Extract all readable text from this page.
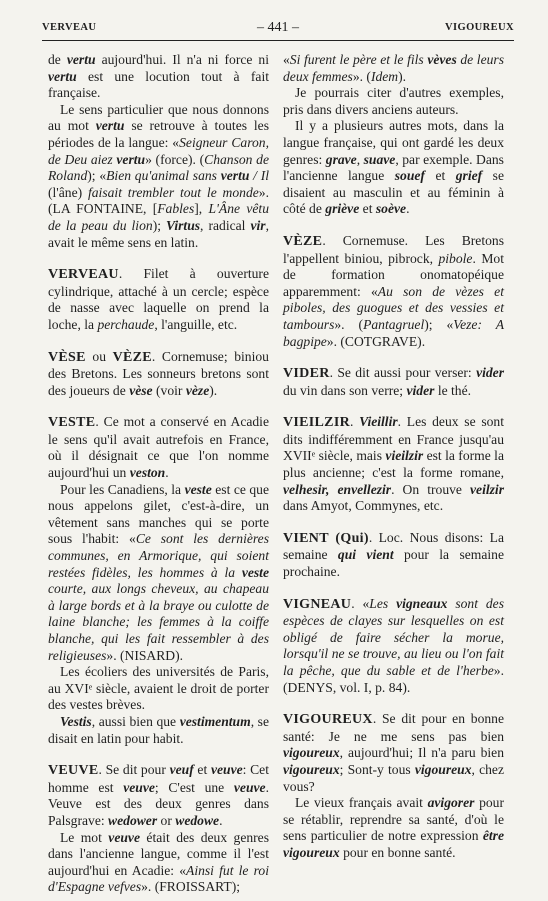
VERVEAU	– 441 –	VIGOUREUX

de vertu aujourd'hui. Il n'a ni force ni vertu est une locution tout à fait française.

Le sens particulier que nous donnons au mot vertu se retrouve à toutes les périodes de la langue: «Seigneur Caron, de Deu aiez vertu» (force). (Chanson de Roland); «Bien qu'animal sans vertu / Il (l'âne) faisait trembler tout le monde». (LA FONTAINE, [Fables], L'Âne vêtu de la peau du lion); Virtus, radical vir, avait le même sens en latin.

VERVEAU. Filet à ouverture cylindrique, attaché à un cercle; espèce de nasse avec laquelle on prend la loche, la perchaude, l'anguille, etc.

VÈSE ou VÈZE. Cornemuse; biniou des Bretons. Les sonneurs bretons sont des joueurs de vèse (voir vèze).

VESTE. Ce mot a conservé en Acadie le sens qu'il avait autrefois en France, où il désignait ce que l'on nomme aujourd'hui un veston.

Pour les Canadiens, la veste est ce que nous appelons gilet, c'est-à-dire, un vêtement sans manches qui se porte sous l'habit: «Ce sont les dernières communes, en Armorique, qui soient restées fidèles, les hommes à la veste courte, aux longs cheveux, au chapeau à large bords et à la braye ou culotte de laine blanche; les femmes à la coiffe blanche, qui les fait ressembler à des religieuses». (NISARD).

Les écoliers des universités de Paris, au XVIᵉ siècle, avaient le droit de porter des vestes brèves.

Vestis, aussi bien que vestimentum, se disait en latin pour habit.

VEUVE. Se dit pour veuf et veuve: Cet homme est veuve; C'est une veuve. Veuve est des deux genres dans Palsgrave: wedower or wedowe.

Le mot veuve était des deux genres dans l'ancienne langue, comme il l'est aujourd'hui en Acadie: «Ainsi fut le roi d'Espagne vefves». (FROISSART);

«Si furent le père et le fils vèves de leurs deux femmes». (Idem).

Je pourrais citer d'autres exemples, pris dans divers anciens auteurs.

Il y a plusieurs autres mots, dans la langue française, qui ont gardé les deux genres: grave, suave, par exemple. Dans l'ancienne langue souef et grief se disaient au masculin et au féminin à côté de griève et soève.

VÈZE. Cornemuse. Les Bretons l'appellent biniou, pibrock, pibole. Mot de formation onomatopéique apparemment: «Au son de vèzes et piboles, des guogues et des vessies et tambours». (Pantagruel); «Veze: A bagpipe». (COTGRAVE).

VIDER. Se dit aussi pour verser: vider du vin dans son verre; vider le thé.

VIEILZIR. Vieillir. Les deux se sont dits indifféremment en France jusqu'au XVIIᵉ siècle, mais vieilzir est la forme la plus ancienne; c'est la forme romane, velhesir, envellezir. On trouve veilzir dans Amyot, Commynes, etc.

VIENT (Qui). Loc. Nous disons: La semaine qui vient pour la semaine prochaine.

VIGNEAU. «Les vigneaux sont des espèces de clayes sur lesquelles on est obligé de faire sécher la morue, lorsqu'il ne se trouve, au lieu ou l'on fait la pêche, que du sable et de l'herbe». (DENYS, vol. I, p. 84).

VIGOUREUX. Se dit pour en bonne santé: Je ne me sens pas bien vigoureux, aujourd'hui; Il n'a paru bien vigoureux; Sont-y tous vigoureux, chez vous?

Le vieux français avait avigorer pour se rétablir, reprendre sa santé, d'où le sens particulier de notre expression être vigoureux pour en bonne santé.
